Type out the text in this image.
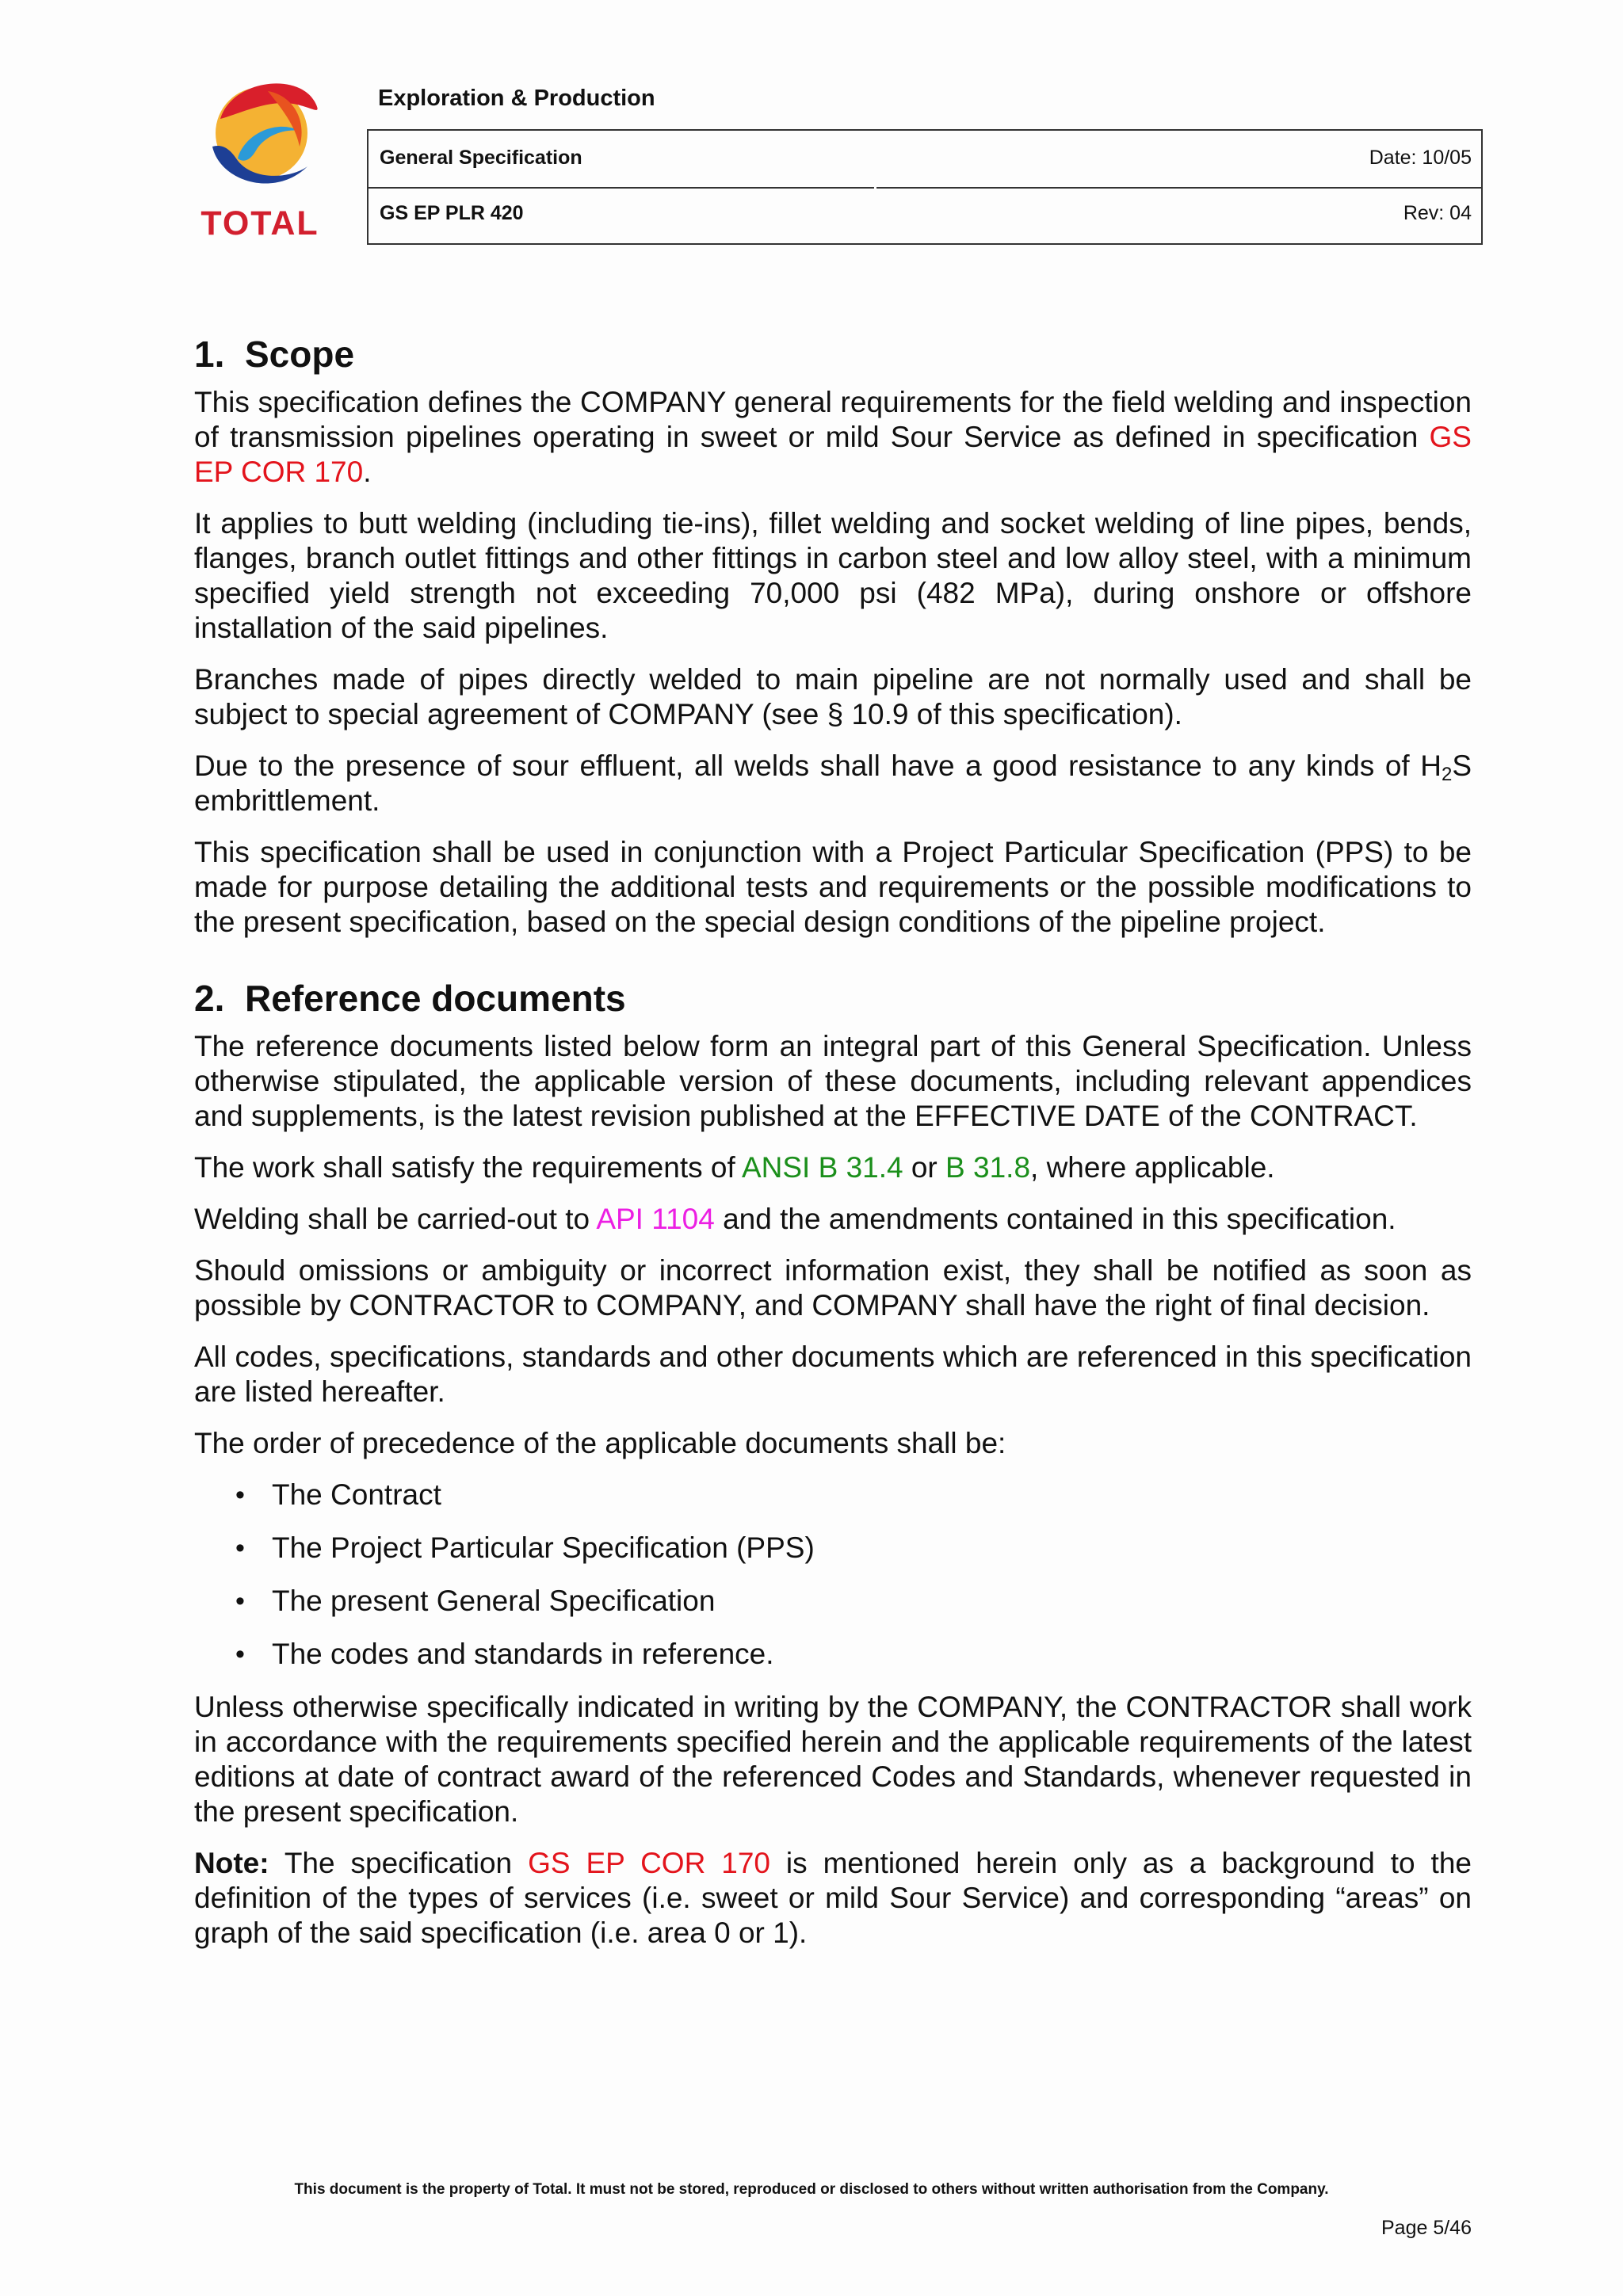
TOTAL
Exploration & Production
General Specification	Date: 10/05
GS EP PLR 420	Rev: 04
1. Scope

This specification defines the COMPANY general requirements for the field welding and inspection of transmission pipelines operating in sweet or mild Sour Service as defined in specification GS EP COR 170.

It applies to butt welding (including tie-ins), fillet welding and socket welding of line pipes, bends, flanges, branch outlet fittings and other fittings in carbon steel and low alloy steel, with a minimum specified yield strength not exceeding 70,000 psi (482 MPa), during onshore or offshore installation of the said pipelines.

Branches made of pipes directly welded to main pipeline are not normally used and shall be subject to special agreement of COMPANY (see § 10.9 of this specification).

Due to the presence of sour effluent, all welds shall have a good resistance to any kinds of $H_2S$ embrittlement.

This specification shall be used in conjunction with a Project Particular Specification (PPS) to be made for purpose detailing the additional tests and requirements or the possible modifications to the present specification, based on the special design conditions of the pipeline project.

2. Reference documents

The reference documents listed below form an integral part of this General Specification. Unless otherwise stipulated, the applicable version of these documents, including relevant appendices and supplements, is the latest revision published at the EFFECTIVE DATE of the CONTRACT.

The work shall satisfy the requirements of ANSI B 31.4 or B 31.8, where applicable.

Welding shall be carried-out to API 1104 and the amendments contained in this specification.

Should omissions or ambiguity or incorrect information exist, they shall be notified as soon as possible by CONTRACTOR to COMPANY, and COMPANY shall have the right of final decision.

All codes, specifications, standards and other documents which are referenced in this specification are listed hereafter.

The order of precedence of the applicable documents shall be:

• The Contract
• The Project Particular Specification (PPS)
• The present General Specification
• The codes and standards in reference.

Unless otherwise specifically indicated in writing by the COMPANY, the CONTRACTOR shall work in accordance with the requirements specified herein and the applicable requirements of the latest editions at date of contract award of the referenced Codes and Standards, whenever requested in the present specification.

Note: The specification GS EP COR 170 is mentioned herein only as a background to the definition of the types of services (i.e. sweet or mild Sour Service) and corresponding “areas” on graph of the said specification (i.e. area 0 or 1).

This document is the property of Total. It must not be stored, reproduced or disclosed to others without written authorisation from the Company.
Page 5/46
